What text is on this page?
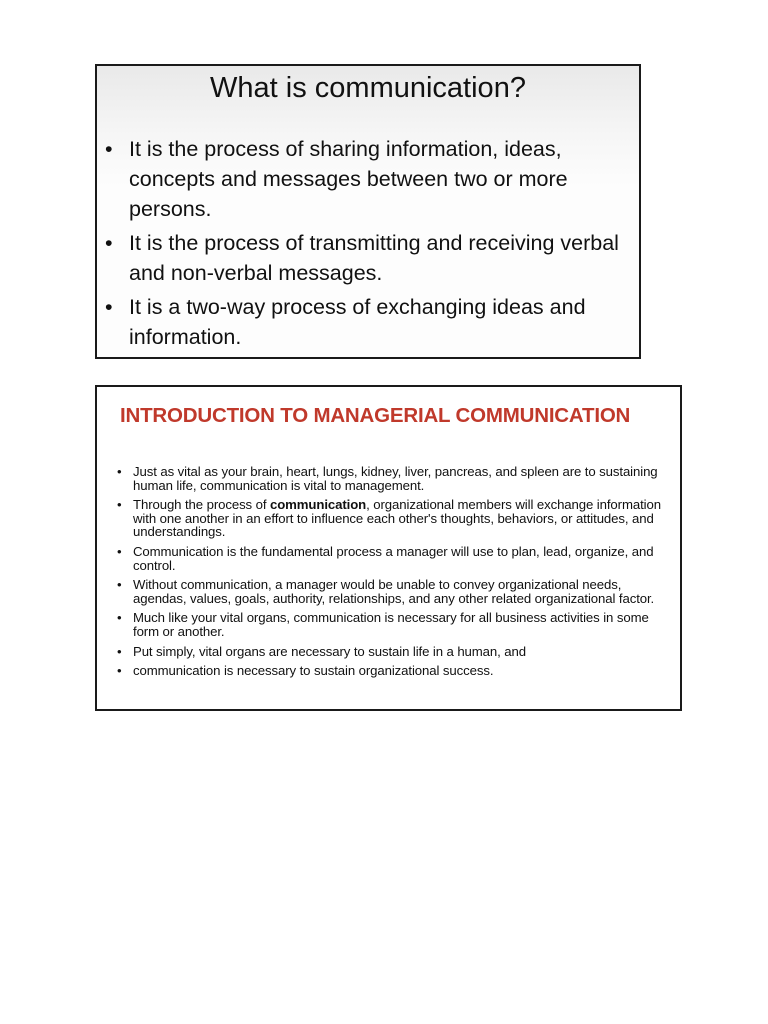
What is communication?
• It is the process of sharing information, ideas, concepts and messages between two or more persons.
• It is the process of transmitting and receiving verbal and non-verbal messages.
• It is a two-way process of exchanging ideas and information.
INTRODUCTION TO MANAGERIAL COMMUNICATION
• Just as vital as your brain, heart, lungs, kidney, liver, pancreas, and spleen are to sustaining human life, communication is vital to management.
• Through the process of communication, organizational members will exchange information with one another in an effort to influence each other's thoughts, behaviors, or attitudes, and understandings.
• Communication is the fundamental process a manager will use to plan, lead, organize, and control.
• Without communication, a manager would be unable to convey organizational needs, agendas, values, goals, authority, relationships, and any other related organizational factor.
• Much like your vital organs, communication is necessary for all business activities in some form or another.
• Put simply, vital organs are necessary to sustain life in a human, and
• communication is necessary to sustain organizational success.
